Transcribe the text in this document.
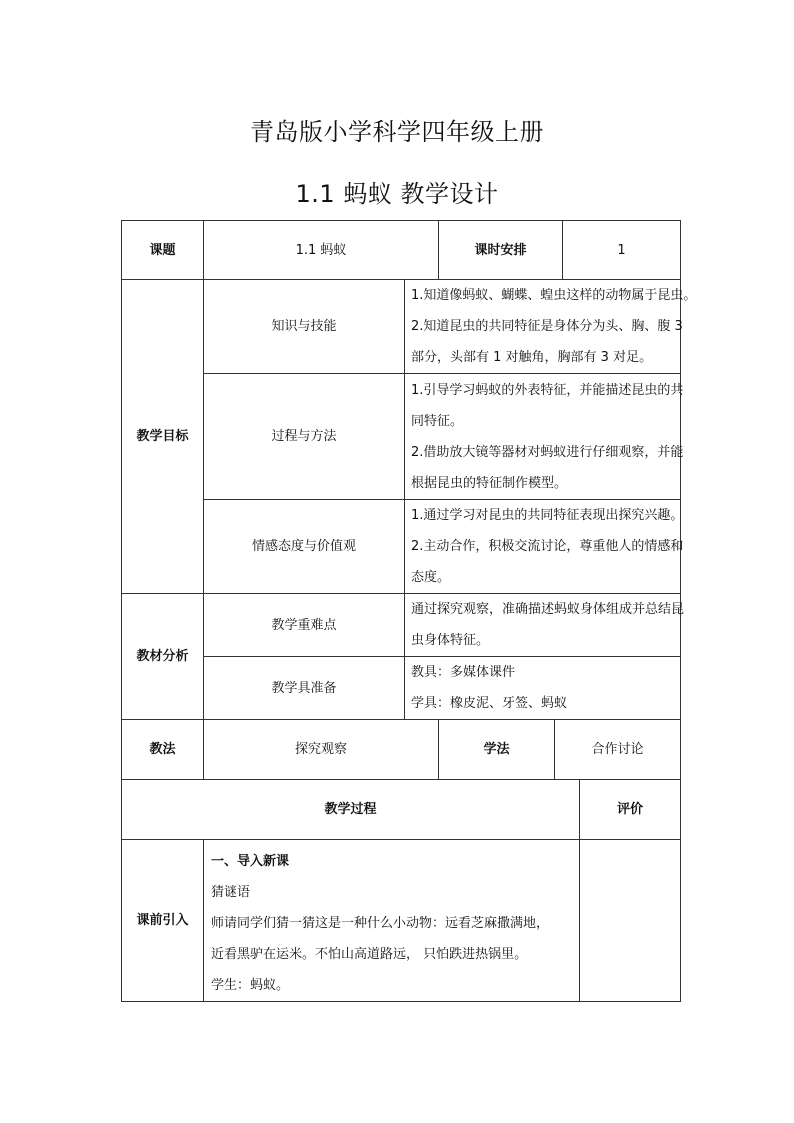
青岛版小学科学四年级上册
1.1 蚂蚁 教学设计
课题	1.1 蚂蚁		课时安排		1	
教学目标	知识与技能	1.知道像蚂蚁、蝴蝶、蝗虫这样的动物属于昆虫。
2.知道昆虫的共同特征是身体分为头、胸、腹 3
部分，头部有 1 对触角，胸部有 3 对足。				

	过程与方法	1.引导学习蚂蚁的外表特征，并能描述昆虫的共
同特征。
2.借助放大镜等器材对蚂蚁进行仔细观察，并能
根据昆虫的特征制作模型。				

	情感态度与价值观	1.通过学习对昆虫的共同特征表现出探究兴趣。
2.主动合作，积极交流讨论，尊重他人的情感和
态度。				

教材分析	教学重难点	通过探究观察，准确描述蚂蚁身体组成并总结昆
虫身体特征。				

	教学具准备	教具：多媒体课件
学具：橡皮泥、牙签、蚂蚁				

教法	探究观察		学法	合作讨论		
教学过程						评价
课前引入	一、导入新课
猜谜语
师请同学们猜一猜这是一种什么小动物：远看芝麻撒满地，
近看黑驴在运米。不怕山高道路远， 只怕跌进热锅里。
学生：蚂蚁。					
